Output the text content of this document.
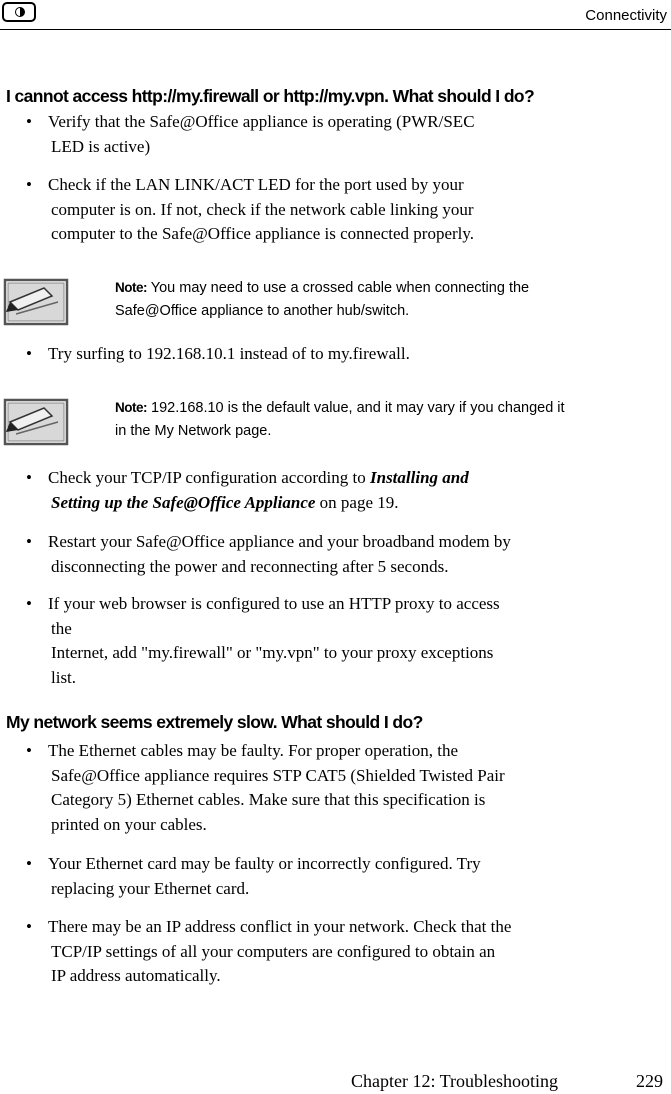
Connectivity
I cannot access http://my.firewall or http://my.vpn. What should I do?
• Verify that the Safe@Office appliance is operating (PWR/SEC
LED is active)
• Check if the LAN LINK/ACT LED for the port used by your
computer is on. If not, check if the network cable linking your
computer to the Safe@Office appliance is connected properly.
Note: You may need to use a crossed cable when connecting the
Safe@Office appliance to another hub/switch.
• Try surfing to 192.168.10.1 instead of to my.firewall.
Note: 192.168.10 is the default value, and it may vary if you changed it
in the My Network page.
• Check your TCP/IP configuration according to Installing and
Setting up the Safe@Office Appliance on page 19.
• Restart your Safe@Office appliance and your broadband modem by
disconnecting the power and reconnecting after 5 seconds.
• If your web browser is configured to use an HTTP proxy to access
the
Internet, add "my.firewall" or "my.vpn" to your proxy exceptions
list.
My network seems extremely slow. What should I do?
• The Ethernet cables may be faulty. For proper operation, the
Safe@Office appliance requires STP CAT5 (Shielded Twisted Pair
Category 5) Ethernet cables. Make sure that this specification is
printed on your cables.
• Your Ethernet card may be faulty or incorrectly configured. Try
replacing your Ethernet card.
• There may be an IP address conflict in your network. Check that the
TCP/IP settings of all your computers are configured to obtain an
IP address automatically.
Chapter 12: Troubleshooting	229
